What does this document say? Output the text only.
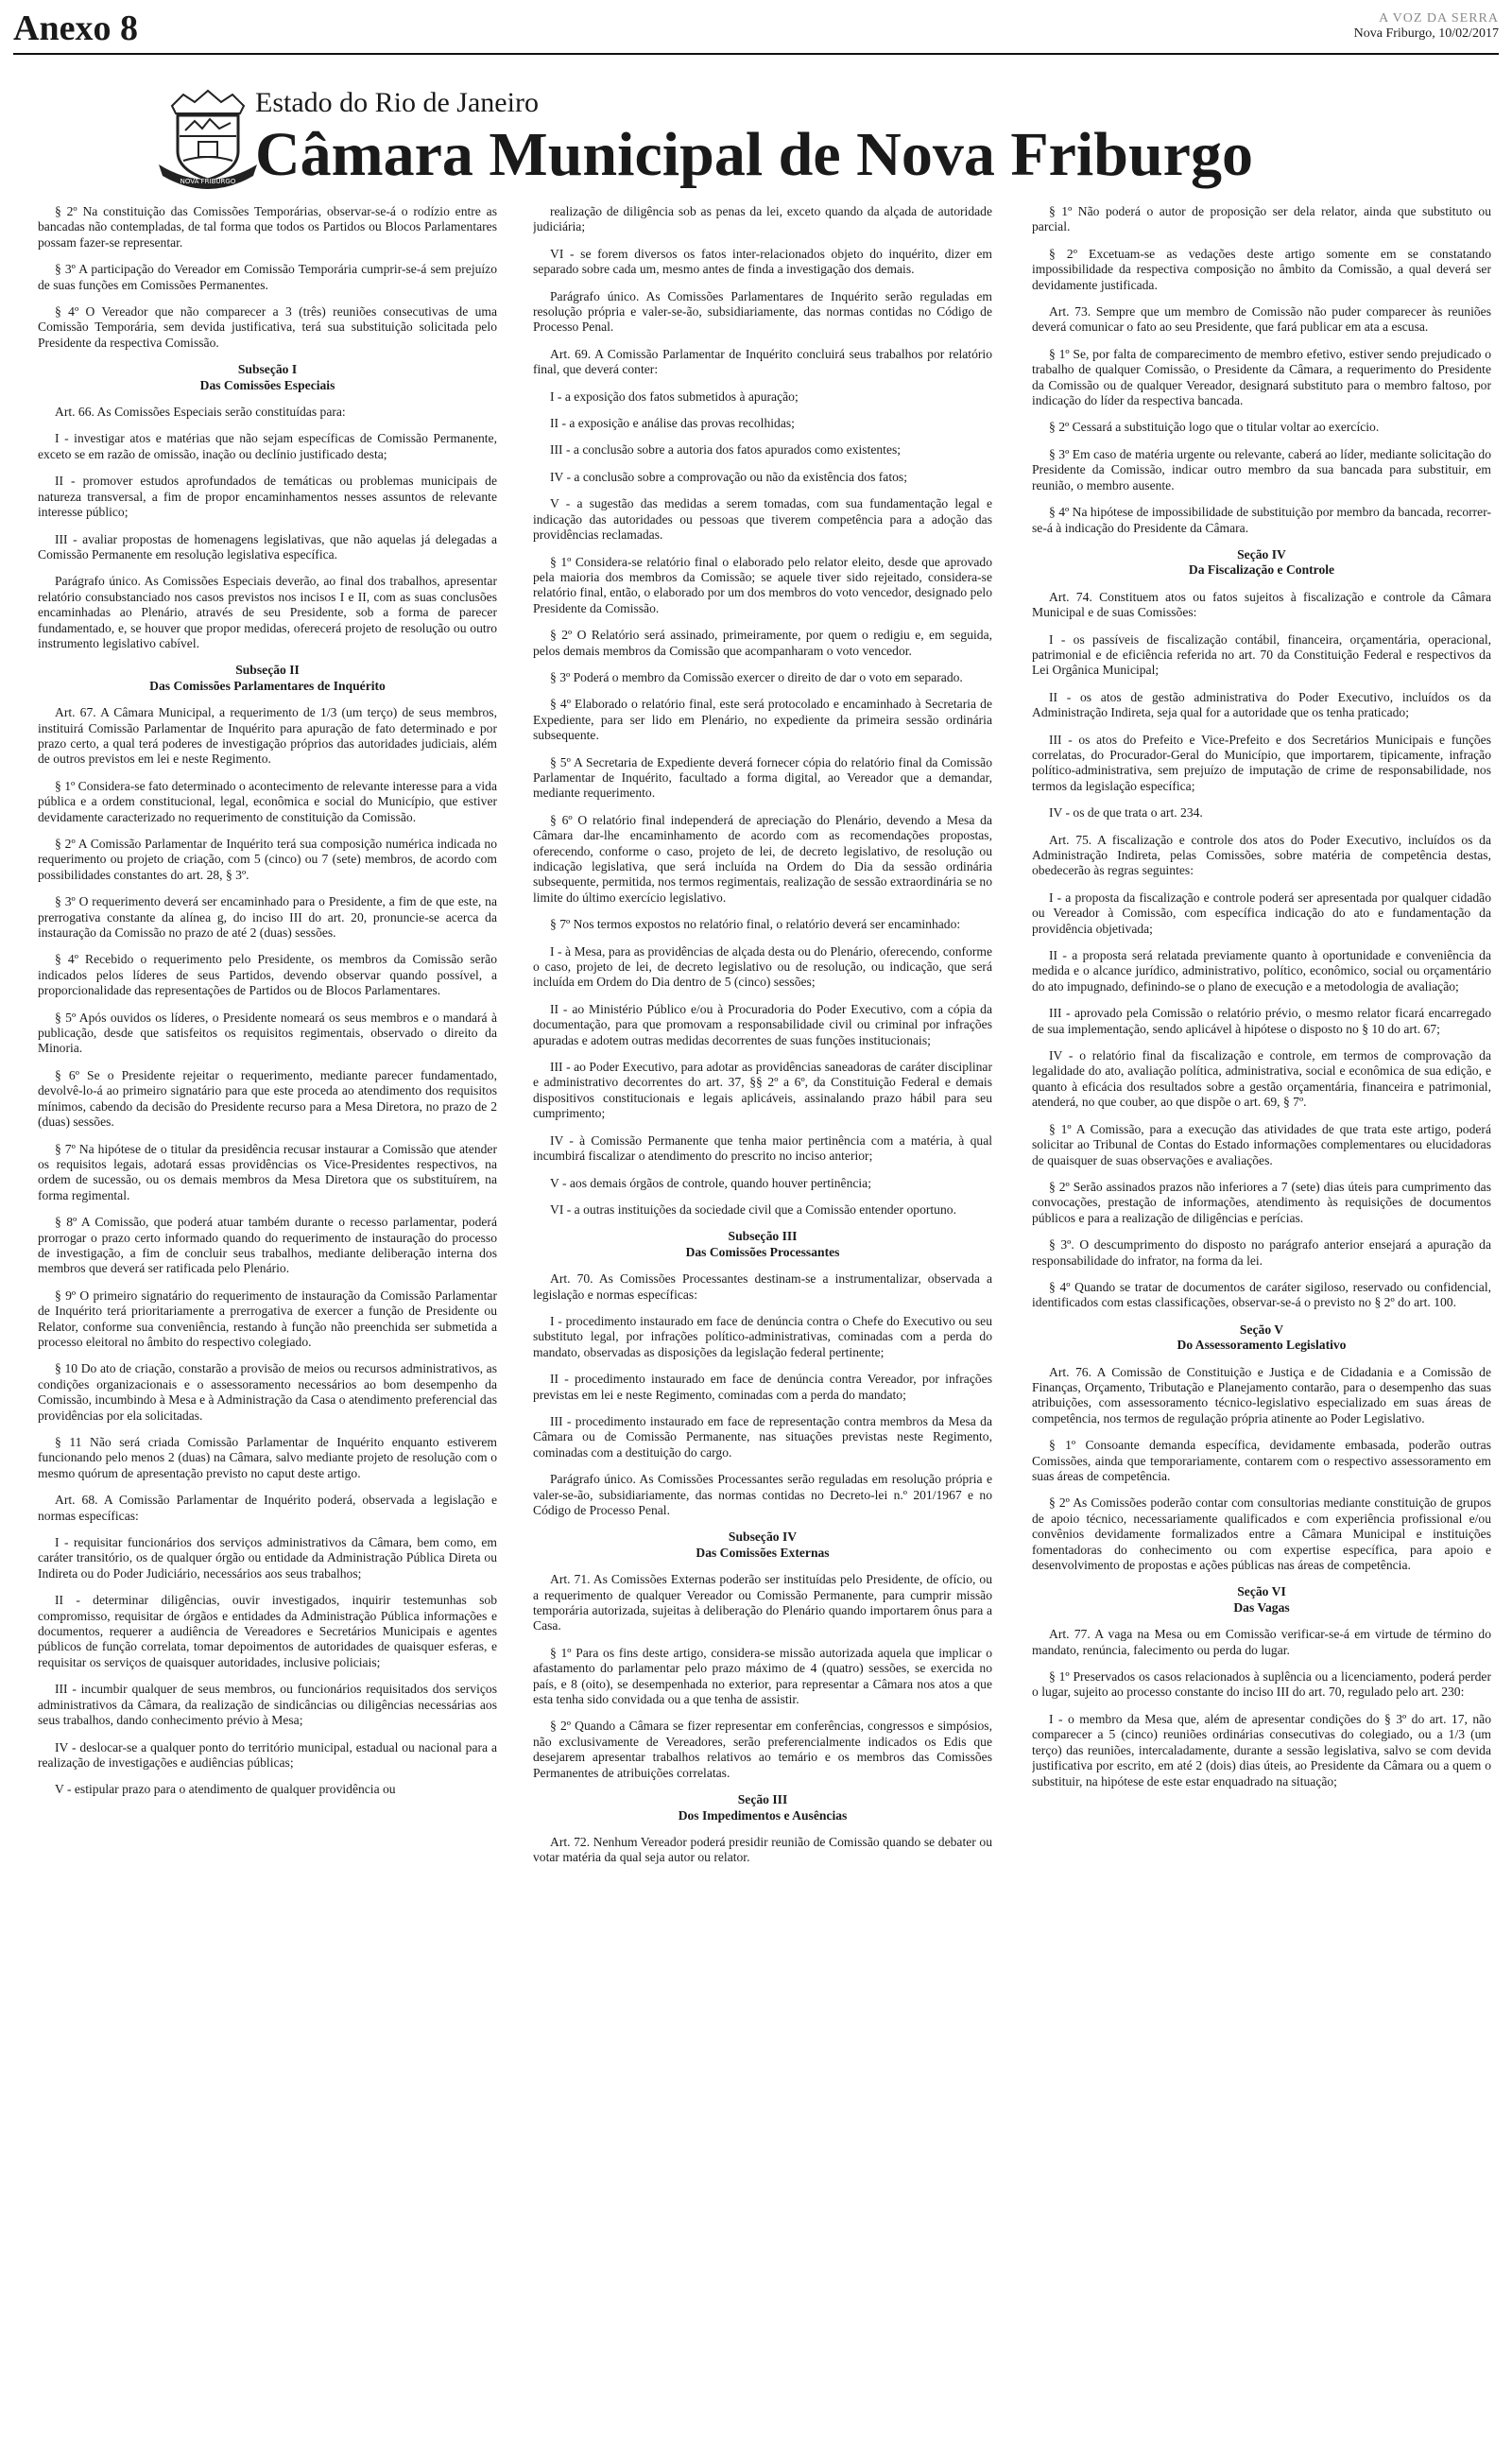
Anexo 8	A VOZ DA SERRA
Nova Friburgo, 10/02/2017
NOVA FRIBURGO
Estado do Rio de Janeiro
Câmara Municipal de Nova Friburgo

§ 2º Na constituição das Comissões Temporárias, observar-se-á o rodízio entre as bancadas não contempladas, de tal forma que todos os Partidos ou Blocos Parlamentares possam fazer-se representar.

§ 3º A participação do Vereador em Comissão Temporária cumprir-se-á sem prejuízo de suas funções em Comissões Permanentes.

§ 4º O Vereador que não comparecer a 3 (três) reuniões consecutivas de uma Comissão Temporária, sem devida justificativa, terá sua substituição solicitada pelo Presidente da respectiva Comissão.

Subseção I
Das Comissões Especiais

Art. 66. As Comissões Especiais serão constituídas para:

I - investigar atos e matérias que não sejam específicas de Comissão Permanente, exceto se em razão de omissão, inação ou declínio justificado desta;

II - promover estudos aprofundados de temáticas ou problemas municipais de natureza transversal, a fim de propor encaminhamentos nesses assuntos de relevante interesse público;

III - avaliar propostas de homenagens legislativas, que não aquelas já delegadas a Comissão Permanente em resolução legislativa específica.

Parágrafo único. As Comissões Especiais deverão, ao final dos trabalhos, apresentar relatório consubstanciado nos casos previstos nos incisos I e II, com as suas conclusões encaminhadas ao Plenário, através de seu Presidente, sob a forma de parecer fundamentado, e, se houver que propor medidas, oferecerá projeto de resolução ou outro instrumento legislativo cabível.

Subseção II
Das Comissões Parlamentares de Inquérito

Art. 67. A Câmara Municipal, a requerimento de 1/3 (um terço) de seus membros, instituirá Comissão Parlamentar de Inquérito para apuração de fato determinado e por prazo certo, a qual terá poderes de investigação próprios das autoridades judiciais, além de outros previstos em lei e neste Regimento.

§ 1º Considera-se fato determinado o acontecimento de relevante interesse para a vida pública e a ordem constitucional, legal, econômica e social do Município, que estiver devidamente caracterizado no requerimento de constituição da Comissão.

§ 2º A Comissão Parlamentar de Inquérito terá sua composição numérica indicada no requerimento ou projeto de criação, com 5 (cinco) ou 7 (sete) membros, de acordo com possibilidades constantes do art. 28, § 3º.

§ 3º O requerimento deverá ser encaminhado para o Presidente, a fim de que este, na prerrogativa constante da alínea g, do inciso III do art. 20, pronuncie-se acerca da instauração da Comissão no prazo de até 2 (duas) sessões.

§ 4º Recebido o requerimento pelo Presidente, os membros da Comissão serão indicados pelos líderes de seus Partidos, devendo observar quando possível, a proporcionalidade das representações de Partidos ou de Blocos Parlamentares.

§ 5º Após ouvidos os líderes, o Presidente nomeará os seus membros e o mandará à publicação, desde que satisfeitos os requisitos regimentais, observado o direito da Minoria.

§ 6º Se o Presidente rejeitar o requerimento, mediante parecer fundamentado, devolvê-lo-á ao primeiro signatário para que este proceda ao atendimento dos requisitos mínimos, cabendo da decisão do Presidente recurso para a Mesa Diretora, no prazo de 2 (duas) sessões.

§ 7º Na hipótese de o titular da presidência recusar instaurar a Comissão que atender os requisitos legais, adotará essas providências os Vice-Presidentes respectivos, na ordem de sucessão, ou os demais membros da Mesa Diretora que os substituírem, na forma regimental.

§ 8º A Comissão, que poderá atuar também durante o recesso parlamentar, poderá prorrogar o prazo certo informado quando do requerimento de instauração do processo de investigação, a fim de concluir seus trabalhos, mediante deliberação interna dos membros que deverá ser ratificada pelo Plenário.

§ 9º O primeiro signatário do requerimento de instauração da Comissão Parlamentar de Inquérito terá prioritariamente a prerrogativa de exercer a função de Presidente ou Relator, conforme sua conveniência, restando à função não preenchida ser submetida a processo eleitoral no âmbito do respectivo colegiado.

§ 10 Do ato de criação, constarão a provisão de meios ou recursos administrativos, as condições organizacionais e o assessoramento necessários ao bom desempenho da Comissão, incumbindo à Mesa e à Administração da Casa o atendimento preferencial das providências por ela solicitadas.

§ 11 Não será criada Comissão Parlamentar de Inquérito enquanto estiverem funcionando pelo menos 2 (duas) na Câmara, salvo mediante projeto de resolução com o mesmo quórum de apresentação previsto no caput deste artigo.

Art. 68. A Comissão Parlamentar de Inquérito poderá, observada a legislação e normas específicas:

I - requisitar funcionários dos serviços administrativos da Câmara, bem como, em caráter transitório, os de qualquer órgão ou entidade da Administração Pública Direta ou Indireta ou do Poder Judiciário, necessários aos seus trabalhos;

II - determinar diligências, ouvir investigados, inquirir testemunhas sob compromisso, requisitar de órgãos e entidades da Administração Pública informações e documentos, requerer a audiência de Vereadores e Secretários Municipais e agentes públicos de função correlata, tomar depoimentos de autoridades de quaisquer esferas, e requisitar os serviços de quaisquer autoridades, inclusive policiais;

III - incumbir qualquer de seus membros, ou funcionários requisitados dos serviços administrativos da Câmara, da realização de sindicâncias ou diligências necessárias aos seus trabalhos, dando conhecimento prévio à Mesa;

IV - deslocar-se a qualquer ponto do território municipal, estadual ou nacional para a realização de investigações e audiências públicas;

V - estipular prazo para o atendimento de qualquer providência ou

realização de diligência sob as penas da lei, exceto quando da alçada de autoridade judiciária;

VI - se forem diversos os fatos inter-relacionados objeto do inquérito, dizer em separado sobre cada um, mesmo antes de finda a investigação dos demais.

Parágrafo único. As Comissões Parlamentares de Inquérito serão reguladas em resolução própria e valer-se-ão, subsidiariamente, das normas contidas no Código de Processo Penal.

Art. 69. A Comissão Parlamentar de Inquérito concluirá seus trabalhos por relatório final, que deverá conter:

I - a exposição dos fatos submetidos à apuração;

II - a exposição e análise das provas recolhidas;

III - a conclusão sobre a autoria dos fatos apurados como existentes;

IV - a conclusão sobre a comprovação ou não da existência dos fatos;

V - a sugestão das medidas a serem tomadas, com sua fundamentação legal e indicação das autoridades ou pessoas que tiverem competência para a adoção das providências reclamadas.

§ 1º Considera-se relatório final o elaborado pelo relator eleito, desde que aprovado pela maioria dos membros da Comissão; se aquele tiver sido rejeitado, considera-se relatório final, então, o elaborado por um dos membros do voto vencedor, designado pelo Presidente da Comissão.

§ 2º O Relatório será assinado, primeiramente, por quem o redigiu e, em seguida, pelos demais membros da Comissão que acompanharam o voto vencedor.

§ 3º Poderá o membro da Comissão exercer o direito de dar o voto em separado.

§ 4º Elaborado o relatório final, este será protocolado e encaminhado à Secretaria de Expediente, para ser lido em Plenário, no expediente da primeira sessão ordinária subsequente.

§ 5º A Secretaria de Expediente deverá fornecer cópia do relatório final da Comissão Parlamentar de Inquérito, facultado a forma digital, ao Vereador que a demandar, mediante requerimento.

§ 6º O relatório final independerá de apreciação do Plenário, devendo a Mesa da Câmara dar-lhe encaminhamento de acordo com as recomendações propostas, oferecendo, conforme o caso, projeto de lei, de decreto legislativo, de resolução ou indicação legislativa, que será incluída na Ordem do Dia da sessão ordinária subsequente, permitida, nos termos regimentais, realização de sessão extraordinária se no limite do último exercício legislativo.

§ 7º Nos termos expostos no relatório final, o relatório deverá ser encaminhado:

I - à Mesa, para as providências de alçada desta ou do Plenário, oferecendo, conforme o caso, projeto de lei, de decreto legislativo ou de resolução, ou indicação, que será incluída em Ordem do Dia dentro de 5 (cinco) sessões;

II - ao Ministério Público e/ou à Procuradoria do Poder Executivo, com a cópia da documentação, para que promovam a responsabilidade civil ou criminal por infrações apuradas e adotem outras medidas decorrentes de suas funções institucionais;

III - ao Poder Executivo, para adotar as providências saneadoras de caráter disciplinar e administrativo decorrentes do art. 37, §§ 2º a 6º, da Constituição Federal e demais dispositivos constitucionais e legais aplicáveis, assinalando prazo hábil para seu cumprimento;

IV - à Comissão Permanente que tenha maior pertinência com a matéria, à qual incumbirá fiscalizar o atendimento do prescrito no inciso anterior;

V - aos demais órgãos de controle, quando houver pertinência;

VI - a outras instituições da sociedade civil que a Comissão entender oportuno.

Subseção III
Das Comissões Processantes

Art. 70. As Comissões Processantes destinam-se a instrumentalizar, observada a legislação e normas específicas:

I - procedimento instaurado em face de denúncia contra o Chefe do Executivo ou seu substituto legal, por infrações político-administrativas, cominadas com a perda do mandato, observadas as disposições da legislação federal pertinente;

II - procedimento instaurado em face de denúncia contra Vereador, por infrações previstas em lei e neste Regimento, cominadas com a perda do mandato;

III - procedimento instaurado em face de representação contra membros da Mesa da Câmara ou de Comissão Permanente, nas situações previstas neste Regimento, cominadas com a destituição do cargo.

Parágrafo único. As Comissões Processantes serão reguladas em resolução própria e valer-se-ão, subsidiariamente, das normas contidas no Decreto-lei n.º 201/1967 e no Código de Processo Penal.

Subseção IV
Das Comissões Externas

Art. 71. As Comissões Externas poderão ser instituídas pelo Presidente, de ofício, ou a requerimento de qualquer Vereador ou Comissão Permanente, para cumprir missão temporária autorizada, sujeitas à deliberação do Plenário quando importarem ônus para a Casa.

§ 1º Para os fins deste artigo, considera-se missão autorizada aquela que implicar o afastamento do parlamentar pelo prazo máximo de 4 (quatro) sessões, se exercida no país, e 8 (oito), se desempenhada no exterior, para representar a Câmara nos atos a que esta tenha sido convidada ou a que tenha de assistir.

§ 2º Quando a Câmara se fizer representar em conferências, congressos e simpósios, não exclusivamente de Vereadores, serão preferencialmente indicados os Edis que desejarem apresentar trabalhos relativos ao temário e os membros das Comissões Permanentes de atribuições correlatas.

Seção III
Dos Impedimentos e Ausências

Art. 72. Nenhum Vereador poderá presidir reunião de Comissão quando se debater ou votar matéria da qual seja autor ou relator.

§ 1º Não poderá o autor de proposição ser dela relator, ainda que substituto ou parcial.

§ 2º Excetuam-se as vedações deste artigo somente em se constatando impossibilidade da respectiva composição no âmbito da Comissão, a qual deverá ser devidamente justificada.

Art. 73. Sempre que um membro de Comissão não puder comparecer às reuniões deverá comunicar o fato ao seu Presidente, que fará publicar em ata a escusa.

§ 1º Se, por falta de comparecimento de membro efetivo, estiver sendo prejudicado o trabalho de qualquer Comissão, o Presidente da Câmara, a requerimento do Presidente da Comissão ou de qualquer Vereador, designará substituto para o membro faltoso, por indicação do líder da respectiva bancada.

§ 2º Cessará a substituição logo que o titular voltar ao exercício.

§ 3º Em caso de matéria urgente ou relevante, caberá ao líder, mediante solicitação do Presidente da Comissão, indicar outro membro da sua bancada para substituir, em reunião, o membro ausente.

§ 4º Na hipótese de impossibilidade de substituição por membro da bancada, recorrer-se-á à indicação do Presidente da Câmara.

Seção IV
Da Fiscalização e Controle

Art. 74. Constituem atos ou fatos sujeitos à fiscalização e controle da Câmara Municipal e de suas Comissões:

I - os passíveis de fiscalização contábil, financeira, orçamentária, operacional, patrimonial e de eficiência referida no art. 70 da Constituição Federal e respectivos da Lei Orgânica Municipal;

II - os atos de gestão administrativa do Poder Executivo, incluídos os da Administração Indireta, seja qual for a autoridade que os tenha praticado;

III - os atos do Prefeito e Vice-Prefeito e dos Secretários Municipais e funções correlatas, do Procurador-Geral do Município, que importarem, tipicamente, infração político-administrativa, sem prejuízo de imputação de crime de responsabilidade, nos termos da legislação específica;

IV - os de que trata o art. 234.

Art. 75. A fiscalização e controle dos atos do Poder Executivo, incluídos os da Administração Indireta, pelas Comissões, sobre matéria de competência destas, obedecerão às regras seguintes:

I - a proposta da fiscalização e controle poderá ser apresentada por qualquer cidadão ou Vereador à Comissão, com específica indicação do ato e fundamentação da providência objetivada;

II - a proposta será relatada previamente quanto à oportunidade e conveniência da medida e o alcance jurídico, administrativo, político, econômico, social ou orçamentário do ato impugnado, definindo-se o plano de execução e a metodologia de avaliação;

III - aprovado pela Comissão o relatório prévio, o mesmo relator ficará encarregado de sua implementação, sendo aplicável à hipótese o disposto no § 10 do art. 67;

IV - o relatório final da fiscalização e controle, em termos de comprovação da legalidade do ato, avaliação política, administrativa, social e econômica de sua edição, e quanto à eficácia dos resultados sobre a gestão orçamentária, financeira e patrimonial, atenderá, no que couber, ao que dispõe o art. 69, § 7º.

§ 1º A Comissão, para a execução das atividades de que trata este artigo, poderá solicitar ao Tribunal de Contas do Estado informações complementares ou elucidadoras de quaisquer de suas observações e avaliações.

§ 2º Serão assinados prazos não inferiores a 7 (sete) dias úteis para cumprimento das convocações, prestação de informações, atendimento às requisições de documentos públicos e para a realização de diligências e perícias.

§ 3º. O descumprimento do disposto no parágrafo anterior ensejará a apuração da responsabilidade do infrator, na forma da lei.

§ 4º Quando se tratar de documentos de caráter sigiloso, reservado ou confidencial, identificados com estas classificações, observar-se-á o previsto no § 2º do art. 100.

Seção V
Do Assessoramento Legislativo

Art. 76. A Comissão de Constituição e Justiça e de Cidadania e a Comissão de Finanças, Orçamento, Tributação e Planejamento contarão, para o desempenho das suas atribuições, com assessoramento técnico-legislativo especializado em suas áreas de competência, nos termos de regulação própria atinente ao Poder Legislativo.

§ 1º Consoante demanda específica, devidamente embasada, poderão outras Comissões, ainda que temporariamente, contarem com o respectivo assessoramento em suas áreas de competência.

§ 2º As Comissões poderão contar com consultorias mediante constituição de grupos de apoio técnico, necessariamente qualificados e com experiência profissional e/ou convênios devidamente formalizados entre a Câmara Municipal e instituições fomentadoras do conhecimento ou com expertise específica, para apoio e desenvolvimento de propostas e ações públicas nas áreas de competência.

Seção VI
Das Vagas

Art. 77. A vaga na Mesa ou em Comissão verificar-se-á em virtude de término do mandato, renúncia, falecimento ou perda do lugar.

§ 1º Preservados os casos relacionados à suplência ou a licenciamento, poderá perder o lugar, sujeito ao processo constante do inciso III do art. 70, regulado pelo art. 230:

I - o membro da Mesa que, além de apresentar condições do § 3º do art. 17, não comparecer a 5 (cinco) reuniões ordinárias consecutivas do colegiado, ou a 1/3 (um terço) das reuniões, intercaladamente, durante a sessão legislativa, salvo se com devida justificativa por escrito, em até 2 (dois) dias úteis, ao Presidente da Câmara ou a quem o substituir, na hipótese de este estar enquadrado na situação;
